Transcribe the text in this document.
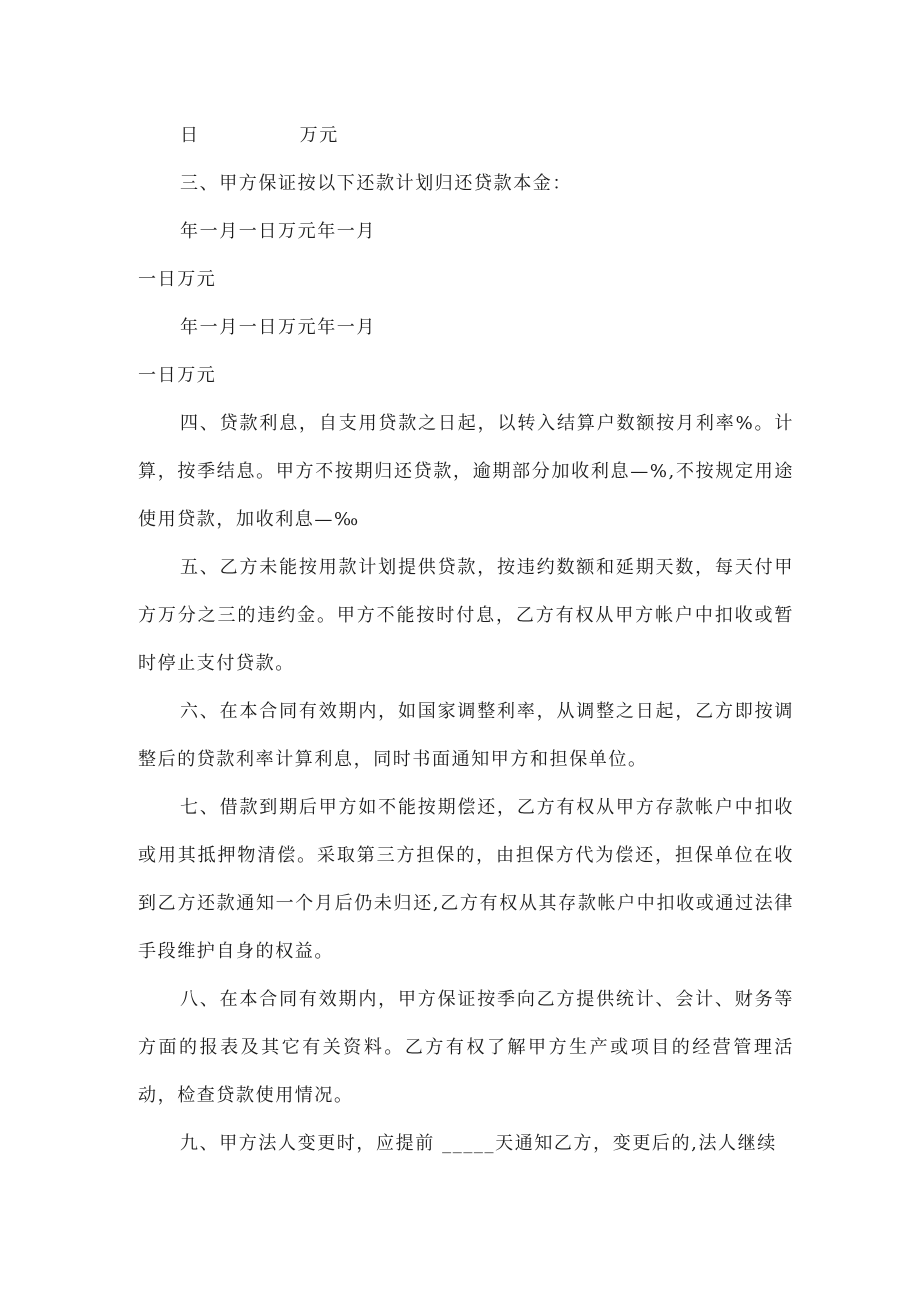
日	万元
三、甲方保证按以下还款计划归还贷款本金：
年一月一日万元年一月
一日万元
年一月一日万元年一月
一日万元

四、贷款利息，自支用贷款之日起，以转入结算户数额按月利率%。计算，按季结息。甲方不按期归还贷款，逾期部分加收利息—%,不按规定用途使用贷款，加收利息—‰

五、乙方未能按用款计划提供贷款，按违约数额和延期天数，每天付甲方万分之三的违约金。甲方不能按时付息，乙方有权从甲方帐户中扣收或暂时停止支付贷款。

六、在本合同有效期内，如国家调整利率，从调整之日起，乙方即按调整后的贷款利率计算利息，同时书面通知甲方和担保单位。

七、借款到期后甲方如不能按期偿还，乙方有权从甲方存款帐户中扣收或用其抵押物清偿。采取第三方担保的，由担保方代为偿还，担保单位在收到乙方还款通知一个月后仍未归还,乙方有权从其存款帐户中扣收或通过法律手段维护自身的权益。

八、在本合同有效期内，甲方保证按季向乙方提供统计、会计、财务等方面的报表及其它有关资料。乙方有权了解甲方生产或项目的经营管理活动，检查贷款使用情况。

九、甲方法人变更时，应提前 _____天通知乙方，变更后的,法人继续
